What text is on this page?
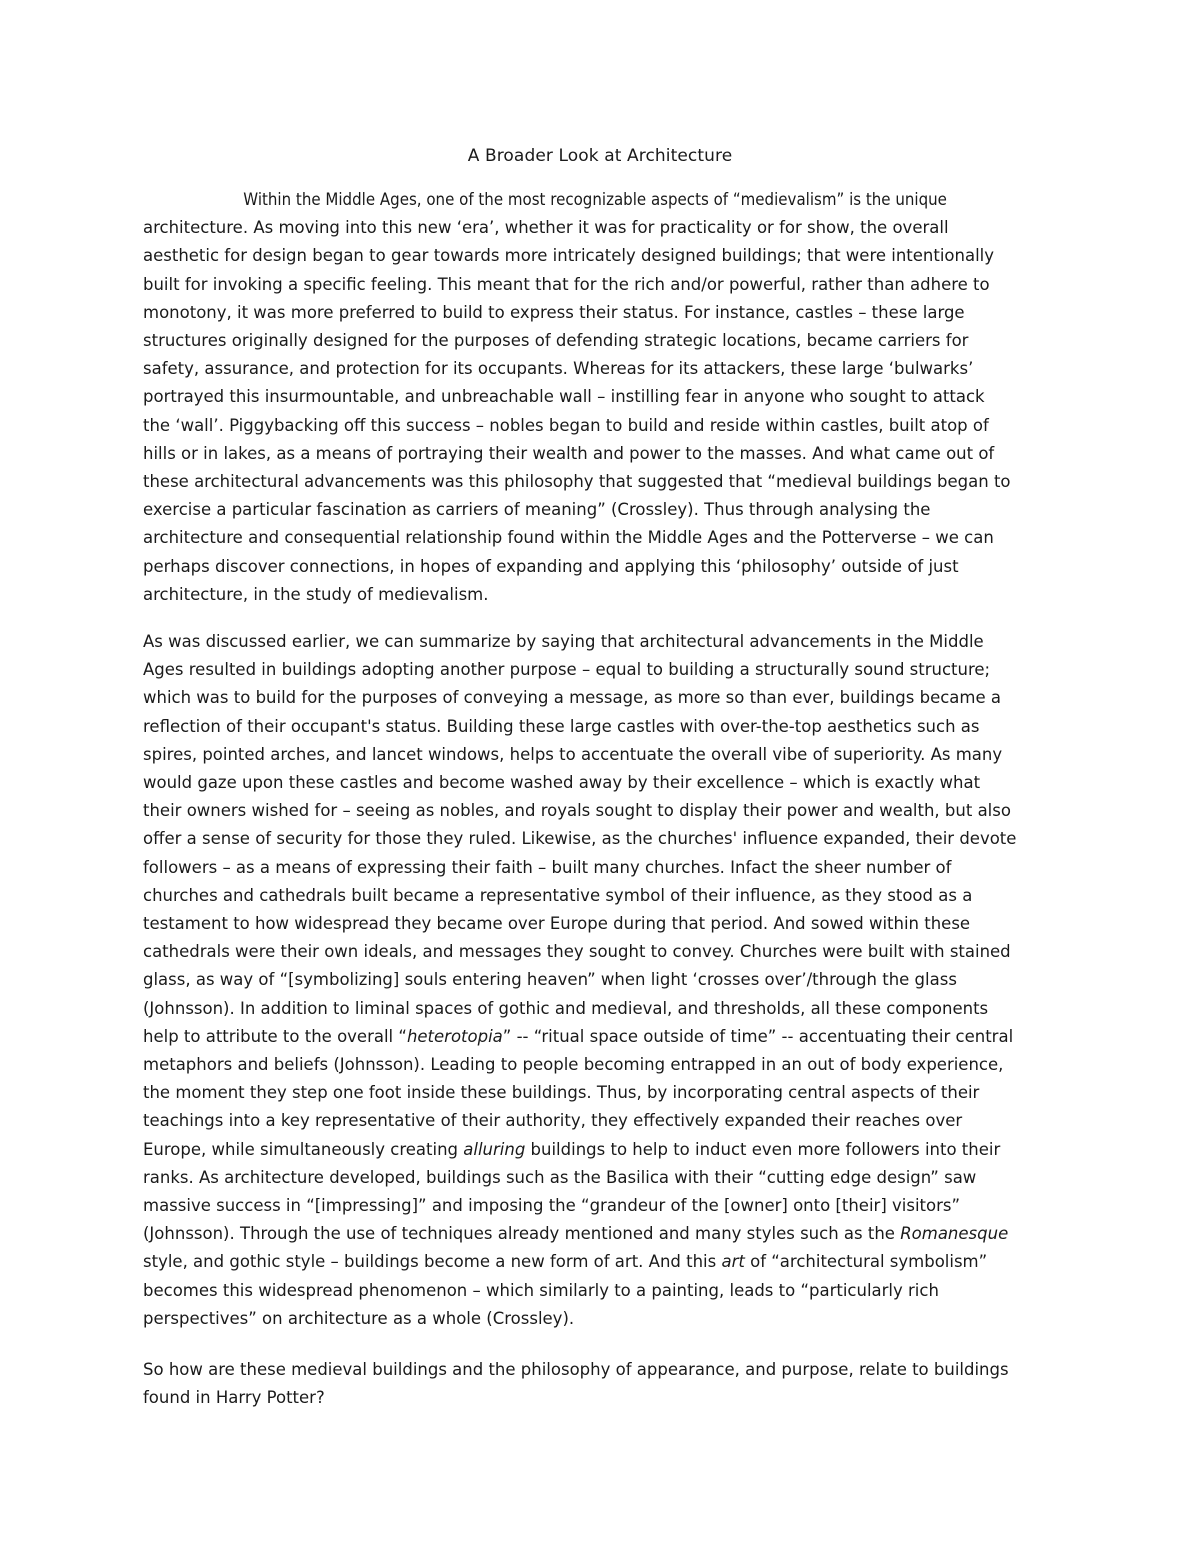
A Broader Look at Architecture

Within the Middle Ages, one of the most recognizable aspects of “medievalism” is the unique
architecture. As moving into this new ‘era’, whether it was for practicality or for show, the overall
aesthetic for design began to gear towards more intricately designed buildings; that were intentionally
built for invoking a specific feeling. This meant that for the rich and/or powerful, rather than adhere to
monotony, it was more preferred to build to express their status. For instance, castles – these large
structures originally designed for the purposes of defending strategic locations, became carriers for
safety, assurance, and protection for its occupants. Whereas for its attackers, these large ‘bulwarks’
portrayed this insurmountable, and unbreachable wall – instilling fear in anyone who sought to attack
the ‘wall’. Piggybacking off this success – nobles began to build and reside within castles, built atop of
hills or in lakes, as a means of portraying their wealth and power to the masses. And what came out of
these architectural advancements was this philosophy that suggested that “medieval buildings began to
exercise a particular fascination as carriers of meaning” (Crossley). Thus through analysing the
architecture and consequential relationship found within the Middle Ages and the Potterverse – we can
perhaps discover connections, in hopes of expanding and applying this ‘philosophy’ outside of just
architecture, in the study of medievalism.

As was discussed earlier, we can summarize by saying that architectural advancements in the Middle
Ages resulted in buildings adopting another purpose – equal to building a structurally sound structure;
which was to build for the purposes of conveying a message, as more so than ever, buildings became a
reflection of their occupant's status. Building these large castles with over-the-top aesthetics such as
spires, pointed arches, and lancet windows, helps to accentuate the overall vibe of superiority. As many
would gaze upon these castles and become washed away by their excellence – which is exactly what
their owners wished for – seeing as nobles, and royals sought to display their power and wealth, but also
offer a sense of security for those they ruled. Likewise, as the churches' influence expanded, their devote
followers – as a means of expressing their faith – built many churches. Infact the sheer number of
churches and cathedrals built became a representative symbol of their influence, as they stood as a
testament to how widespread they became over Europe during that period. And sowed within these
cathedrals were their own ideals, and messages they sought to convey. Churches were built with stained
glass, as way of “[symbolizing] souls entering heaven” when light ‘crosses over’/through the glass
(Johnsson). In addition to liminal spaces of gothic and medieval, and thresholds, all these components
help to attribute to the overall “heterotopia” -- “ritual space outside of time” -- accentuating their central
metaphors and beliefs (Johnsson). Leading to people becoming entrapped in an out of body experience,
the moment they step one foot inside these buildings. Thus, by incorporating central aspects of their
teachings into a key representative of their authority, they effectively expanded their reaches over
Europe, while simultaneously creating alluring buildings to help to induct even more followers into their
ranks. As architecture developed, buildings such as the Basilica with their “cutting edge design” saw
massive success in “[impressing]” and imposing the “grandeur of the [owner] onto [their] visitors”
(Johnsson). Through the use of techniques already mentioned and many styles such as the Romanesque
style, and gothic style – buildings become a new form of art. And this art of “architectural symbolism”
becomes this widespread phenomenon – which similarly to a painting, leads to “particularly rich
perspectives” on architecture as a whole (Crossley).

So how are these medieval buildings and the philosophy of appearance, and purpose, relate to buildings
found in Harry Potter?
